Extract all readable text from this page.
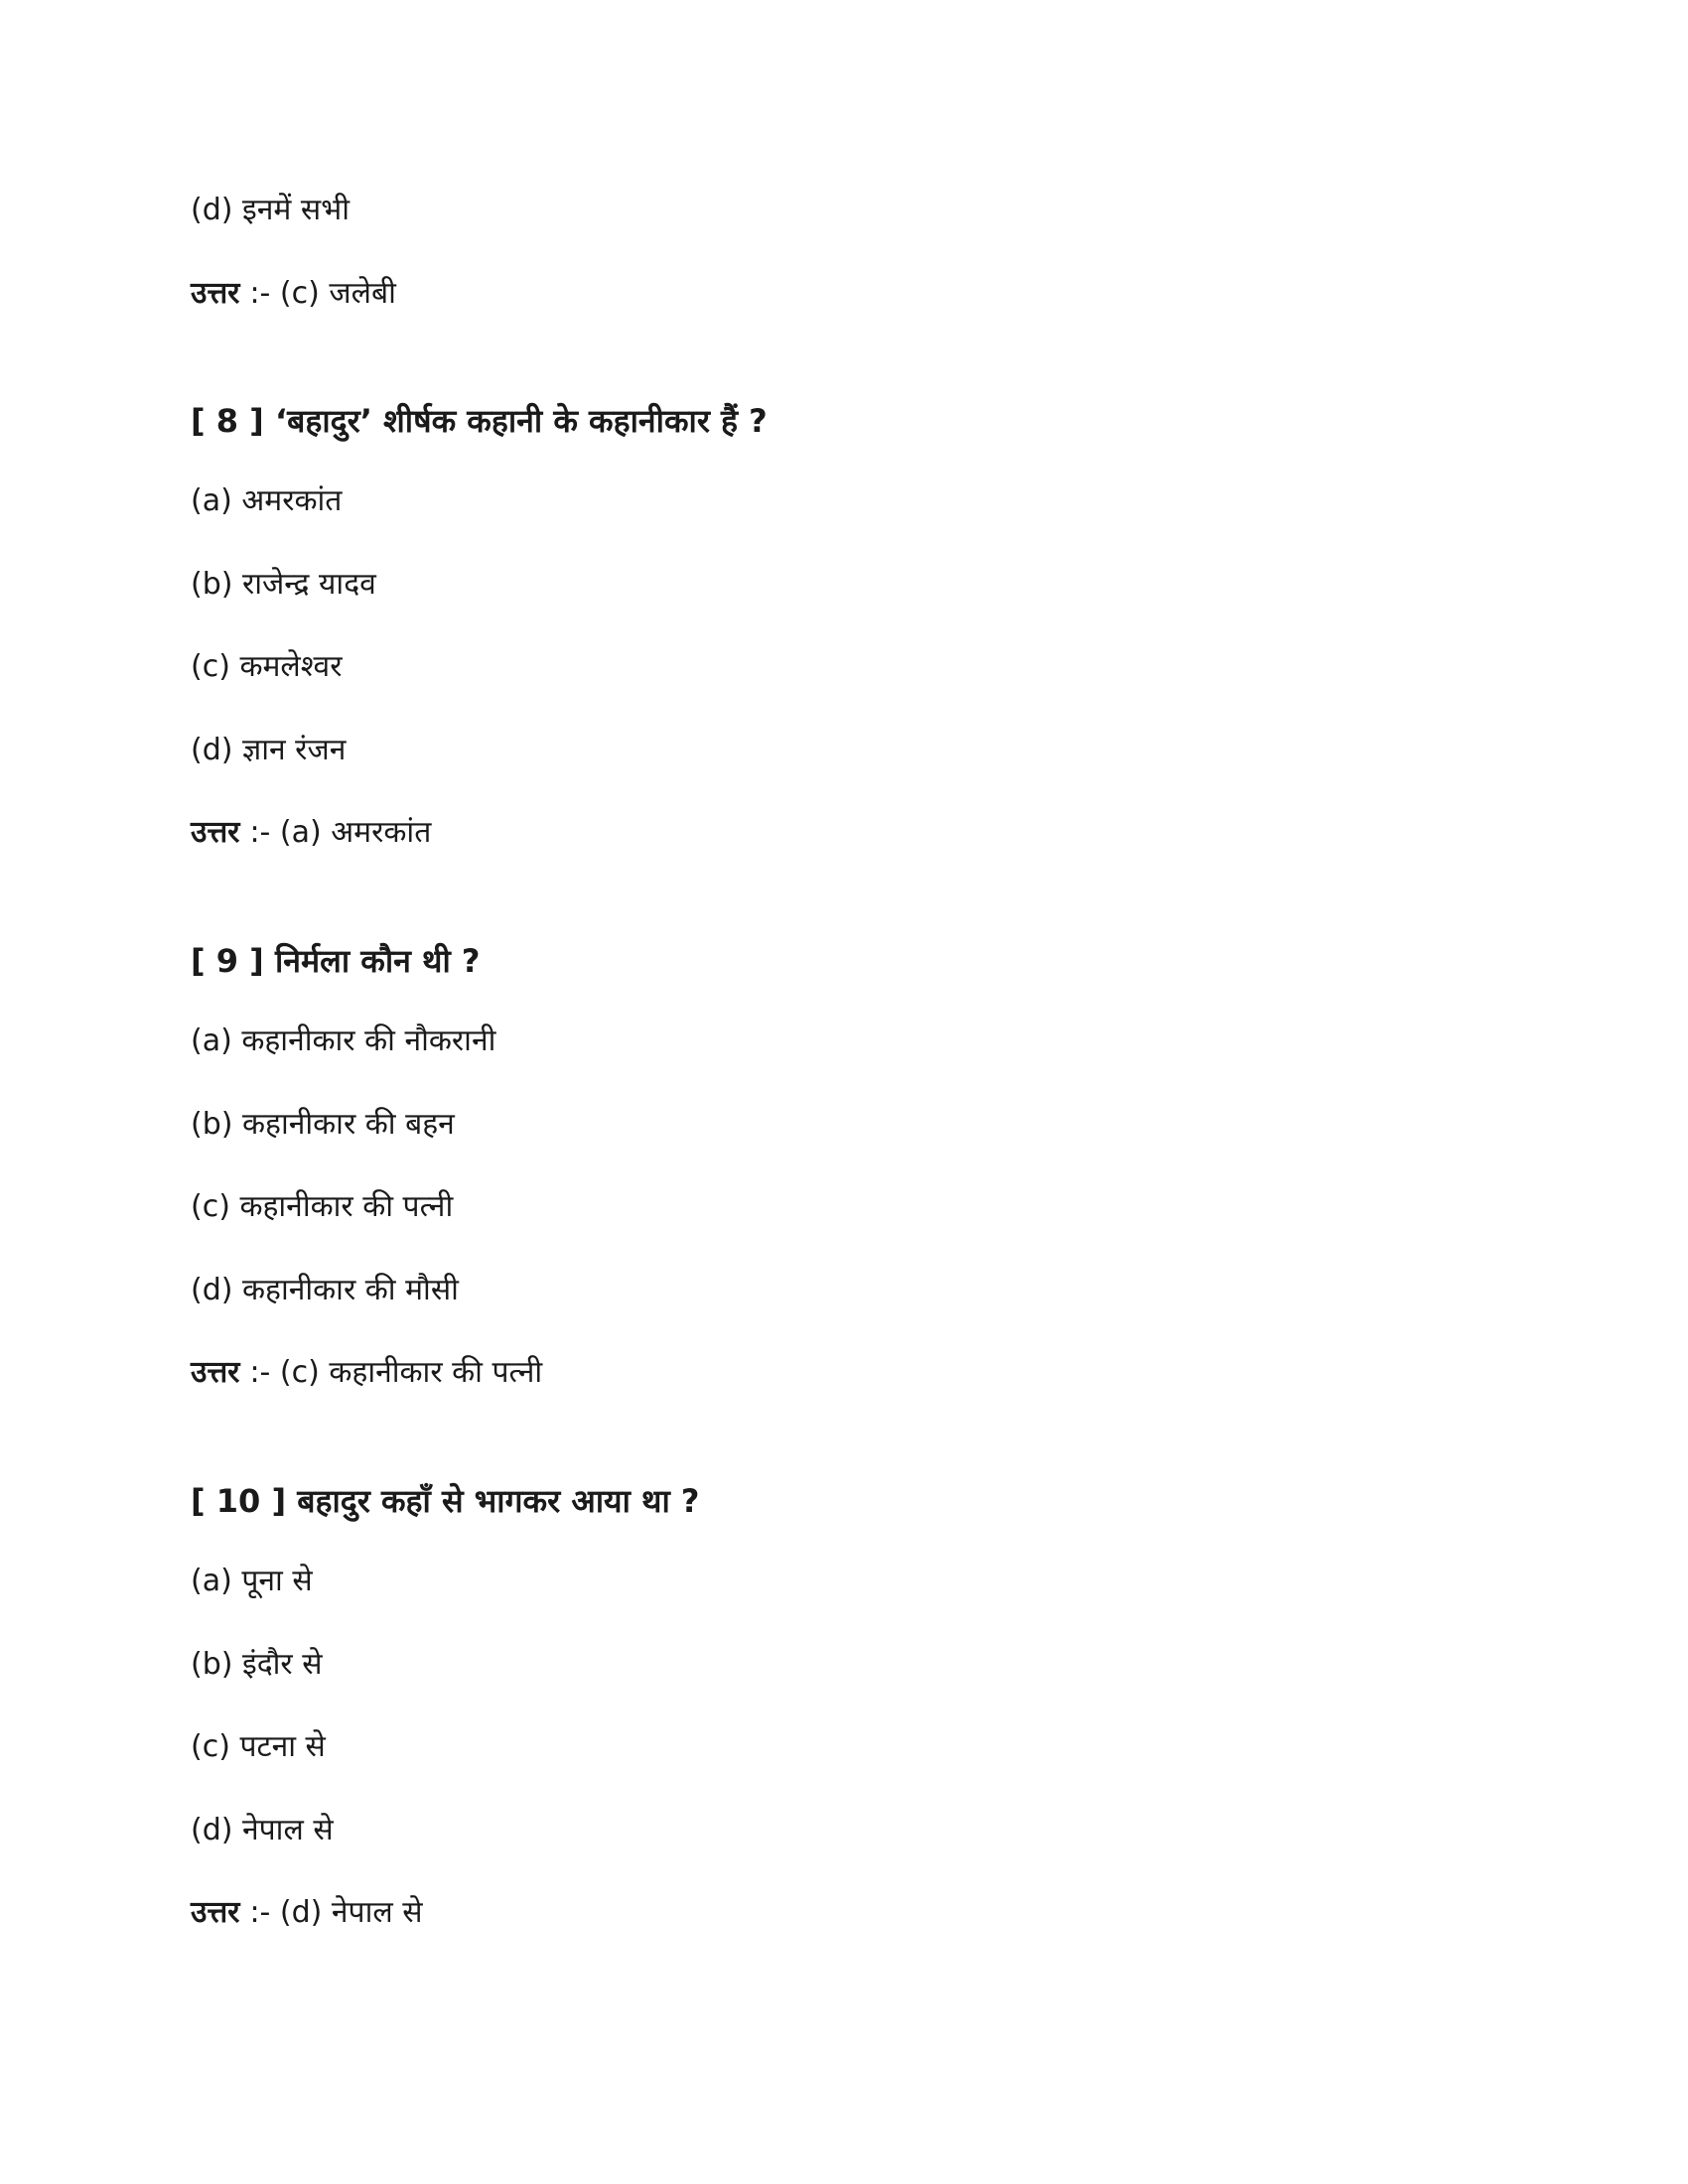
(d) इनमें सभी
उत्तर :- (c) जलेबी
[ 8 ] ‘बहादुर’ शीर्षक कहानी के कहानीकार हैं ?
(a) अमरकांत
(b) राजेन्द्र यादव
(c) कमलेश्वर
(d) ज्ञान रंजन
उत्तर :- (a) अमरकांत
[ 9 ] निर्मला कौन थी ?
(a) कहानीकार की नौकरानी
(b) कहानीकार की बहन
(c) कहानीकार की पत्नी
(d) कहानीकार की मौसी
उत्तर :- (c) कहानीकार की पत्नी
[ 10 ] बहादुर कहाँ से भागकर आया था ?
(a) पूना से
(b) इंदौर से
(c) पटना से
(d) नेपाल से
उत्तर :- (d) नेपाल से
